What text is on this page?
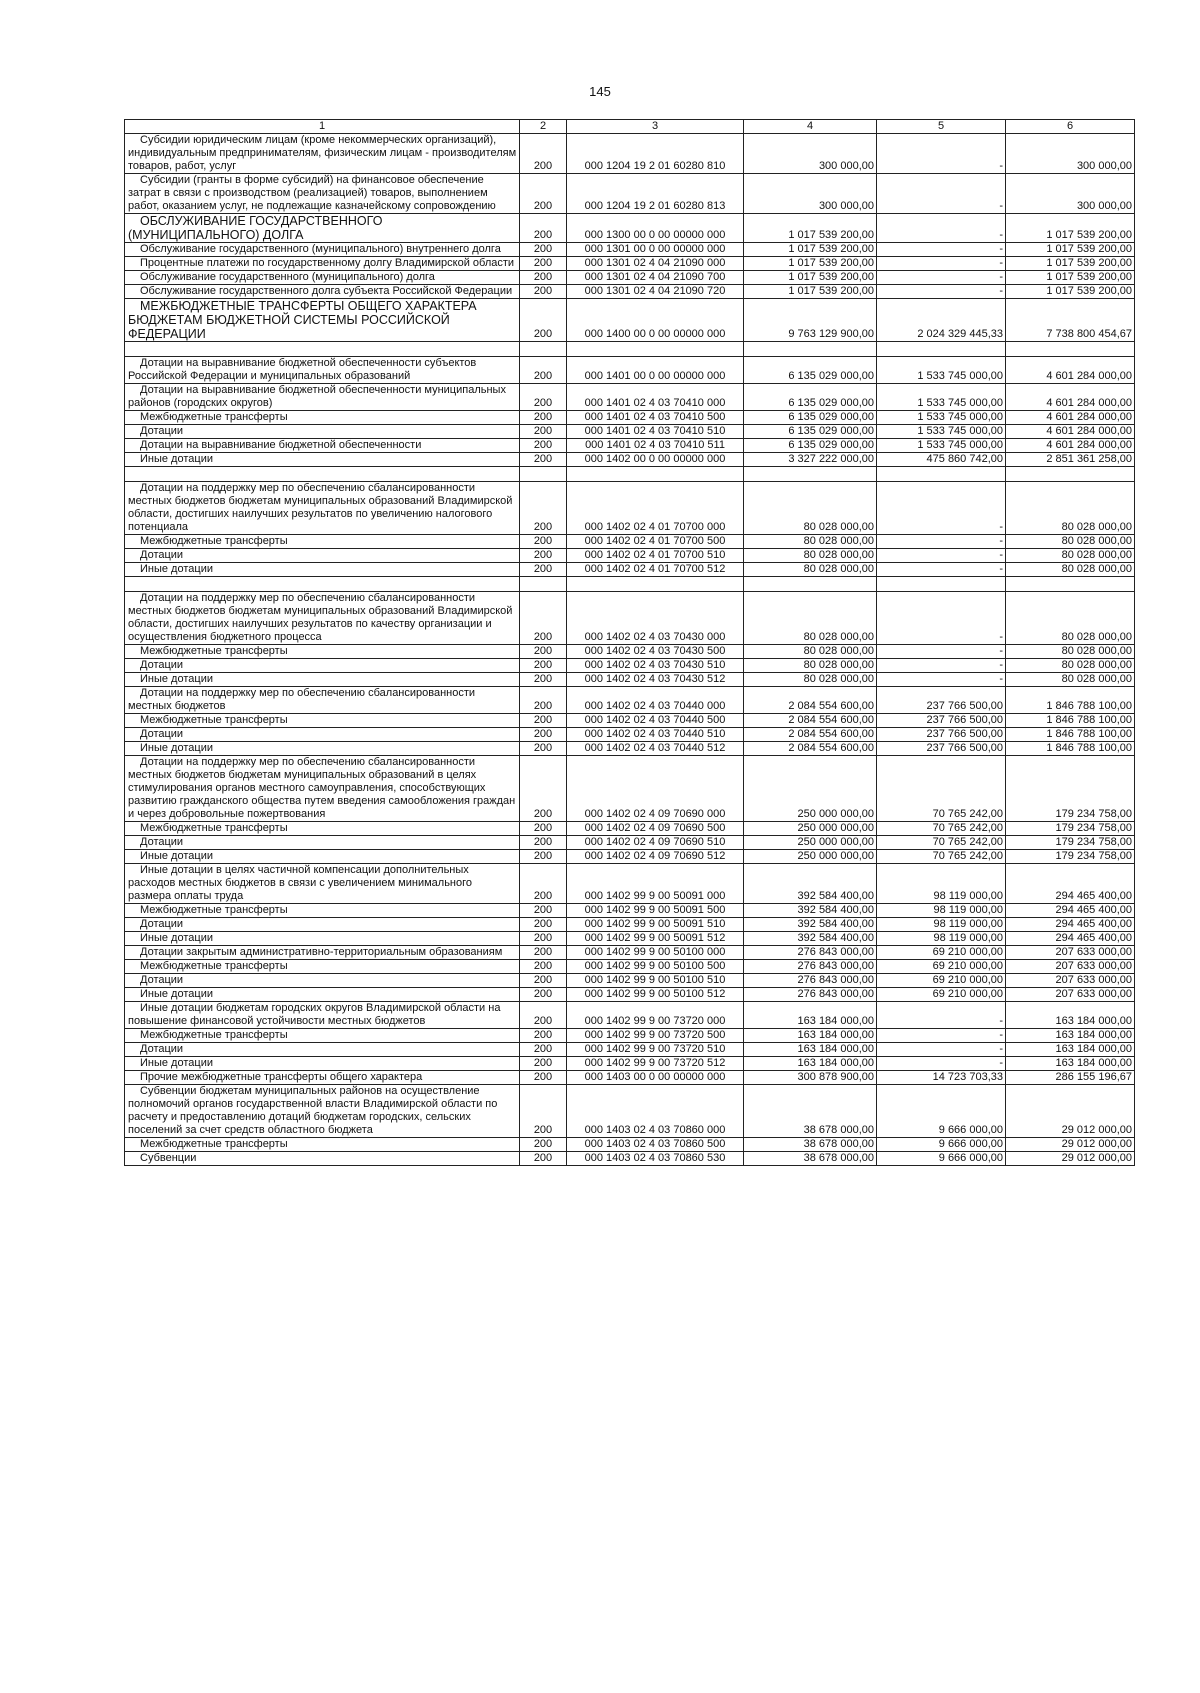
145
1	2	3	4	5	6

Субсидии юридическим лицам (кроме некоммерческих организаций), индивидуальным предпринимателям, физическим лицам - производителям товаров, работ, услуг	200	000 1204 19 2 01 60280 810	300 000,00	-	300 000,00

Субсидии (гранты в форме субсидий) на финансовое обеспечение затрат в связи с производством (реализацией) товаров, выполнением работ, оказанием услуг, не подлежащие казначейскому сопровождению	200	000 1204 19 2 01 60280 813	300 000,00	-	300 000,00

ОБСЛУЖИВАНИЕ ГОСУДАРСТВЕННОГО (МУНИЦИПАЛЬНОГО) ДОЛГА	200	000 1300 00 0 00 00000 000	1 017 539 200,00	-	1 017 539 200,00

Обслуживание государственного (муниципального) внутреннего долга	200	000 1301 00 0 00 00000 000	1 017 539 200,00	-	1 017 539 200,00

Процентные платежи по государственному долгу Владимирской области	200	000 1301 02 4 04 21090 000	1 017 539 200,00	-	1 017 539 200,00

Обслуживание государственного (муниципального) долга	200	000 1301 02 4 04 21090 700	1 017 539 200,00	-	1 017 539 200,00

Обслуживание государственного долга субъекта Российской Федерации	200	000 1301 02 4 04 21090 720	1 017 539 200,00	-	1 017 539 200,00

МЕЖБЮДЖЕТНЫЕ ТРАНСФЕРТЫ ОБЩЕГО ХАРАКТЕРА БЮДЖЕТАМ БЮДЖЕТНОЙ СИСТЕМЫ РОССИЙСКОЙ ФЕДЕРАЦИИ	200	000 1400 00 0 00 00000 000	9 763 129 900,00	2 024 329 445,33	7 738 800 454,67

Дотации на выравнивание бюджетной обеспеченности субъектов Российской Федерации и муниципальных образований	200	000 1401 00 0 00 00000 000	6 135 029 000,00	1 533 745 000,00	4 601 284 000,00

Дотации на выравнивание бюджетной обеспеченности муниципальных районов (городских округов)	200	000 1401 02 4 03 70410 000	6 135 029 000,00	1 533 745 000,00	4 601 284 000,00

Межбюджетные трансферты	200	000 1401 02 4 03 70410 500	6 135 029 000,00	1 533 745 000,00	4 601 284 000,00

Дотации	200	000 1401 02 4 03 70410 510	6 135 029 000,00	1 533 745 000,00	4 601 284 000,00

Дотации на выравнивание бюджетной обеспеченности	200	000 1401 02 4 03 70410 511	6 135 029 000,00	1 533 745 000,00	4 601 284 000,00

Иные дотации	200	000 1402 00 0 00 00000 000	3 327 222 000,00	475 860 742,00	2 851 361 258,00

Дотации на поддержку мер по обеспечению сбалансированности местных бюджетов бюджетам муниципальных образований Владимирской области, достигших наилучших результатов по увеличению налогового потенциала	200	000 1402 02 4 01 70700 000	80 028 000,00	-	80 028 000,00

Межбюджетные трансферты	200	000 1402 02 4 01 70700 500	80 028 000,00	-	80 028 000,00

Дотации	200	000 1402 02 4 01 70700 510	80 028 000,00	-	80 028 000,00

Иные дотации	200	000 1402 02 4 01 70700 512	80 028 000,00	-	80 028 000,00

Дотации на поддержку мер по обеспечению сбалансированности местных бюджетов бюджетам муниципальных образований Владимирской области, достигших наилучших результатов по качеству организации и осуществления бюджетного процесса	200	000 1402 02 4 03 70430 000	80 028 000,00	-	80 028 000,00

Межбюджетные трансферты	200	000 1402 02 4 03 70430 500	80 028 000,00	-	80 028 000,00

Дотации	200	000 1402 02 4 03 70430 510	80 028 000,00	-	80 028 000,00

Иные дотации	200	000 1402 02 4 03 70430 512	80 028 000,00	-	80 028 000,00

Дотации на поддержку мер по обеспечению сбалансированности местных бюджетов	200	000 1402 02 4 03 70440 000	2 084 554 600,00	237 766 500,00	1 846 788 100,00

Межбюджетные трансферты	200	000 1402 02 4 03 70440 500	2 084 554 600,00	237 766 500,00	1 846 788 100,00

Дотации	200	000 1402 02 4 03 70440 510	2 084 554 600,00	237 766 500,00	1 846 788 100,00

Иные дотации	200	000 1402 02 4 03 70440 512	2 084 554 600,00	237 766 500,00	1 846 788 100,00

Дотации на поддержку мер по обеспечению сбалансированности местных бюджетов бюджетам муниципальных образований в целях стимулирования органов местного самоуправления, способствующих развитию гражданского общества путем введения самообложения граждан и через добровольные пожертвования	200	000 1402 02 4 09 70690 000	250 000 000,00	70 765 242,00	179 234 758,00

Межбюджетные трансферты	200	000 1402 02 4 09 70690 500	250 000 000,00	70 765 242,00	179 234 758,00

Дотации	200	000 1402 02 4 09 70690 510	250 000 000,00	70 765 242,00	179 234 758,00

Иные дотации	200	000 1402 02 4 09 70690 512	250 000 000,00	70 765 242,00	179 234 758,00

Иные дотации в целях частичной компенсации дополнительных расходов местных бюджетов в связи с увеличением минимального размера оплаты труда	200	000 1402 99 9 00 50091 000	392 584 400,00	98 119 000,00	294 465 400,00

Межбюджетные трансферты	200	000 1402 99 9 00 50091 500	392 584 400,00	98 119 000,00	294 465 400,00

Дотации	200	000 1402 99 9 00 50091 510	392 584 400,00	98 119 000,00	294 465 400,00

Иные дотации	200	000 1402 99 9 00 50091 512	392 584 400,00	98 119 000,00	294 465 400,00

Дотации закрытым административно-территориальным образованиям	200	000 1402 99 9 00 50100 000	276 843 000,00	69 210 000,00	207 633 000,00

Межбюджетные трансферты	200	000 1402 99 9 00 50100 500	276 843 000,00	69 210 000,00	207 633 000,00

Дотации	200	000 1402 99 9 00 50100 510	276 843 000,00	69 210 000,00	207 633 000,00

Иные дотации	200	000 1402 99 9 00 50100 512	276 843 000,00	69 210 000,00	207 633 000,00

Иные дотации бюджетам городских округов Владимирской области на повышение финансовой устойчивости местных бюджетов	200	000 1402 99 9 00 73720 000	163 184 000,00	-	163 184 000,00

Межбюджетные трансферты	200	000 1402 99 9 00 73720 500	163 184 000,00	-	163 184 000,00

Дотации	200	000 1402 99 9 00 73720 510	163 184 000,00	-	163 184 000,00

Иные дотации	200	000 1402 99 9 00 73720 512	163 184 000,00	-	163 184 000,00

Прочие межбюджетные трансферты общего характера	200	000 1403 00 0 00 00000 000	300 878 900,00	14 723 703,33	286 155 196,67

Субвенции бюджетам муниципальных районов на осуществление полномочий органов государственной власти Владимирской области по расчету и предоставлению дотаций бюджетам городских, сельских поселений за счет средств областного бюджета	200	000 1403 02 4 03 70860 000	38 678 000,00	9 666 000,00	29 012 000,00

Межбюджетные трансферты	200	000 1403 02 4 03 70860 500	38 678 000,00	9 666 000,00	29 012 000,00

Субвенции	200	000 1403 02 4 03 70860 530	38 678 000,00	9 666 000,00	29 012 000,00
